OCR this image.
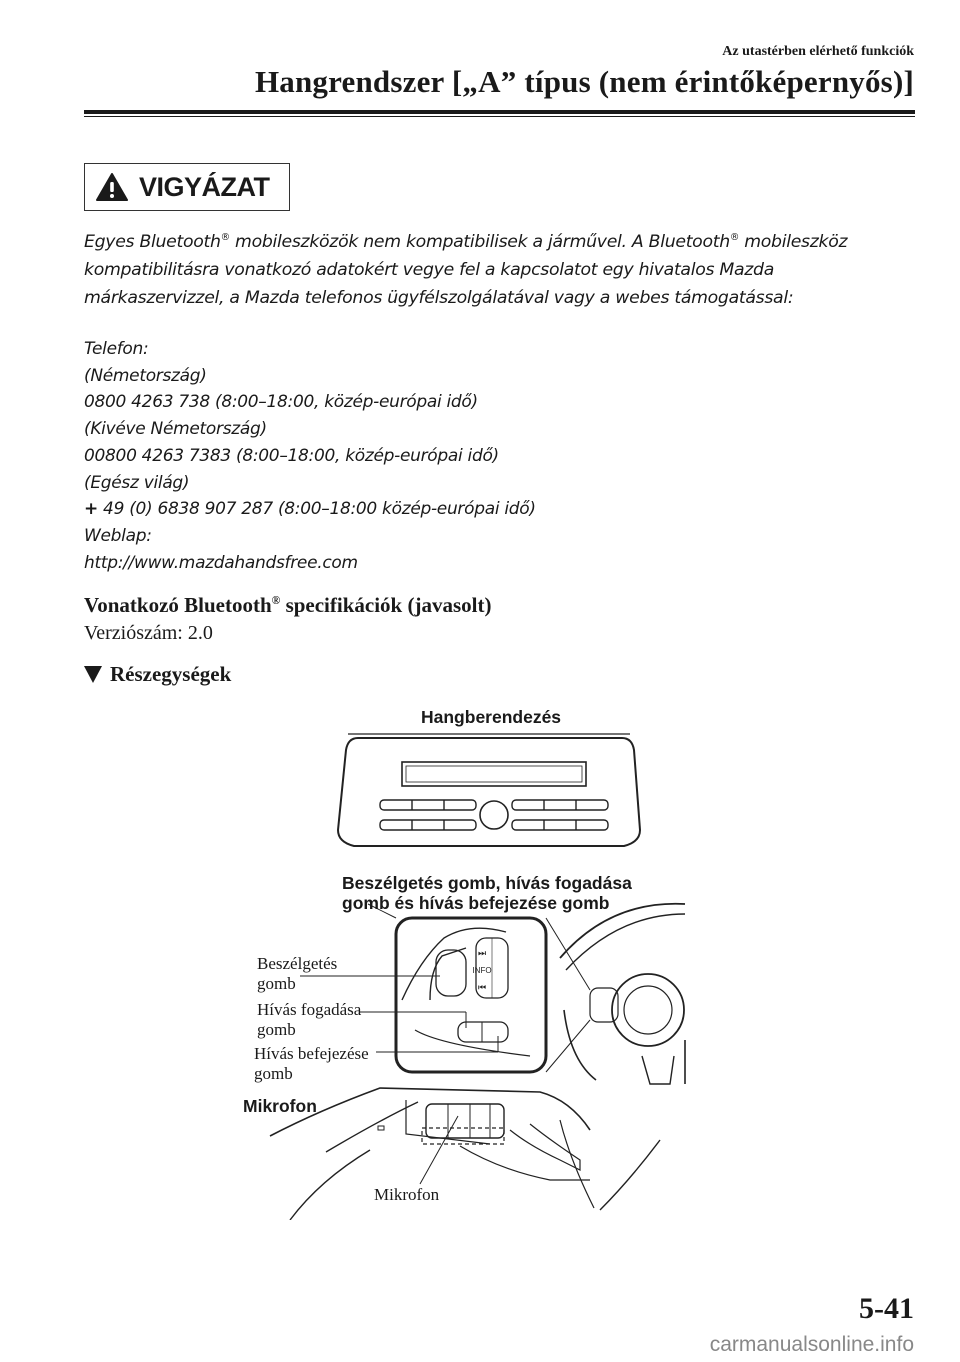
Az utastérben elérhető funkciók
Hangrendszer [„A” típus (nem érintőképernyős)]
VIGYÁZAT
Egyes Bluetooth® mobileszközök nem kompatibilisek a járművel. A Bluetooth® mobileszköz
kompatibilitásra vonatkozó adatokért vegye fel a kapcsolatot egy hivatalos Mazda
márkaszervizzel, a Mazda telefonos ügyfélszolgálatával vagy a webes támogatással:
Telefon:
(Németország)
0800 4263 738 (8:00–18:00, közép-európai idő)
(Kivéve Németország)
00800 4263 7383 (8:00–18:00, közép-európai idő)
(Egész világ)
+ 49 (0) 6838 907 287 (8:00–18:00 közép-európai idő)
Weblap:
http://www.mazdahandsfree.com
Vonatkozó Bluetooth® specifikációk (javasolt)
Verziószám: 2.0
Részegységek
INFO
⏭
⏮
Hangberendezés
Beszélgetés gomb, hívás fogadása
gomb és hívás befejezése gomb
Beszélgetés
gomb
Hívás fogadása
gomb
Hívás befejezése
gomb
Mikrofon
Mikrofon
5-41
carmanualsonline.info
